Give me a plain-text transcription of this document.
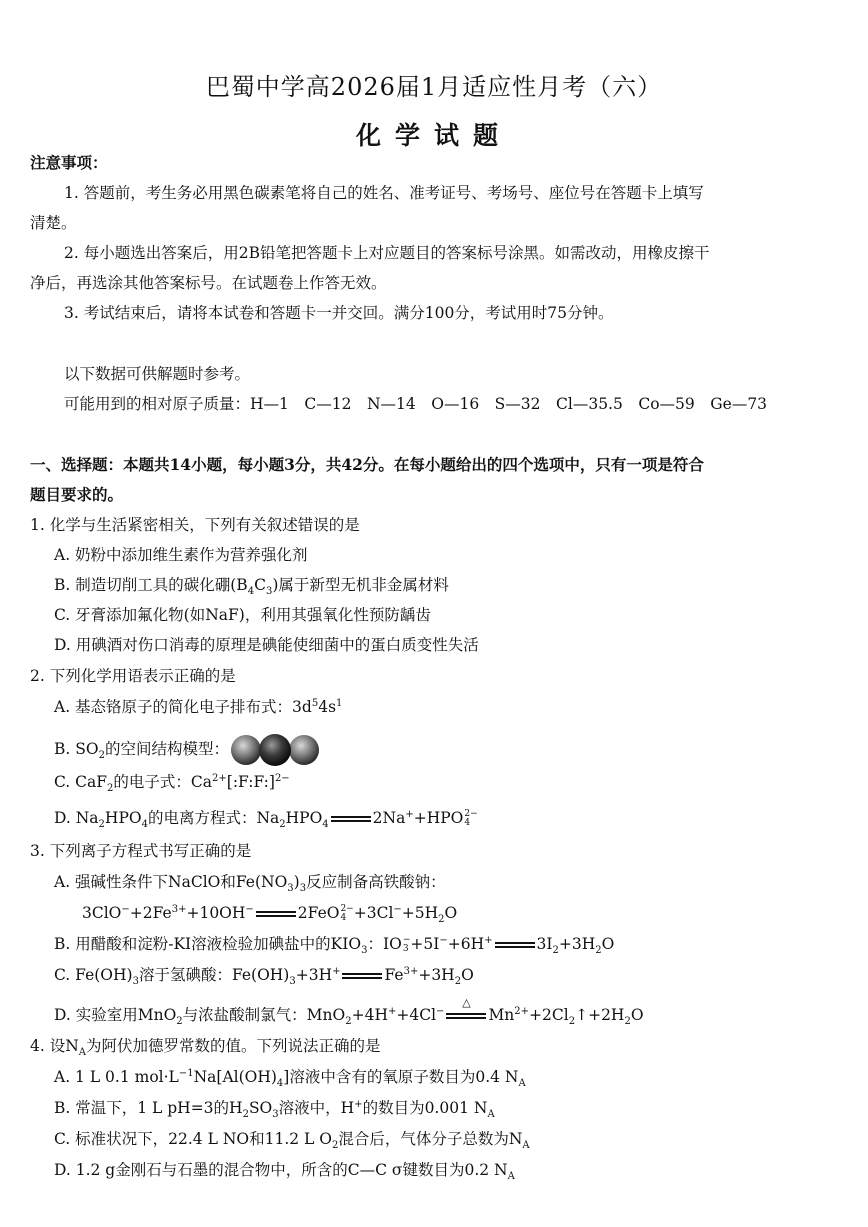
巴蜀中学高2026届1月适应性月考（六）
化学试题
注意事项：
1. 答题前，考生务必用黑色碳素笔将自己的姓名、准考证号、考场号、座位号在答题卡上填写
清楚。
2. 每小题选出答案后，用2B铅笔把答题卡上对应题目的答案标号涂黑。如需改动，用橡皮擦干
净后，再选涂其他答案标号。在试题卷上作答无效。
3. 考试结束后，请将本试卷和答题卡一并交回。满分100分，考试用时75分钟。
以下数据可供解题时参考。
可能用到的相对原子质量：H—1　C—12　N—14　O—16　S—32　Cl—35.5　Co—59　Ge—73
一、选择题：本题共14小题，每小题3分，共42分。在每小题给出的四个选项中，只有一项是符合
题目要求的。
1. 化学与生活紧密相关，下列有关叙述错误的是
A. 奶粉中添加维生素作为营养强化剂
B. 制造切削工具的碳化硼$(B_4C_3)$属于新型无机非金属材料
C. 牙膏添加氟化物(如NaF)，利用其强氧化性预防龋齿
D. 用碘酒对伤口消毒的原理是碘能使细菌中的蛋白质变性失活
2. 下列化学用语表示正确的是
A. 基态铬原子的简化电子排布式：$3d^54s^1$
B. $SO_2$的空间结构模型：
C. CaF$_2$的电子式：$Ca^{2+}[:F:F:]^{2-}$
D. $Na_2HPO_4$的电离方程式：$Na_2HPO_4$	2Na++HPO 2−
4
3. 下列离子方程式书写正确的是
A. 强碱性条件下NaClO和$Fe(NO_3)_3$反应制备高铁酸钠：
$3ClO^-+2Fe^{3+}+10OH^-$	2FeO 2−
$4 +3Cl^-+5H_2O$
B. 用醋酸和淀粉-KI溶液检验加碘盐中的$KIO_3$：IO −
3 +5I−+6H+	$3I_2+3H_2O$
C. $Fe(OH)_3$溶于氢碘酸：$Fe(OH)_3+3H^+$	$Fe^{3+}+3H_2O$
D. 实验室用MnO$_2$与浓盐酸制氯气：MnO$_2$+4H++4Cl−
△
$Mn^{2+}+2Cl_2↑+2H_2O$
4. 设$N_A$为阿伏加德罗常数的值。下列说法正确的是
A. 1 L 0.1 $mol\cdot L^{-1}Na[Al(OH)_4]$溶液中含有的氧原子数目为0.4 $N_A$
B. 常温下，1 L pH=3的$H_2SO_3$溶液中，H+的数目为0.001 $N_A$
C. 标准状况下，22.4 L NO和11.2 L $O_2$混合后，气体分子总数为$N_A$
D. 1.2 g金刚石与石墨的混合物中，所含的C—C σ键数目为0.2 $N_A$
